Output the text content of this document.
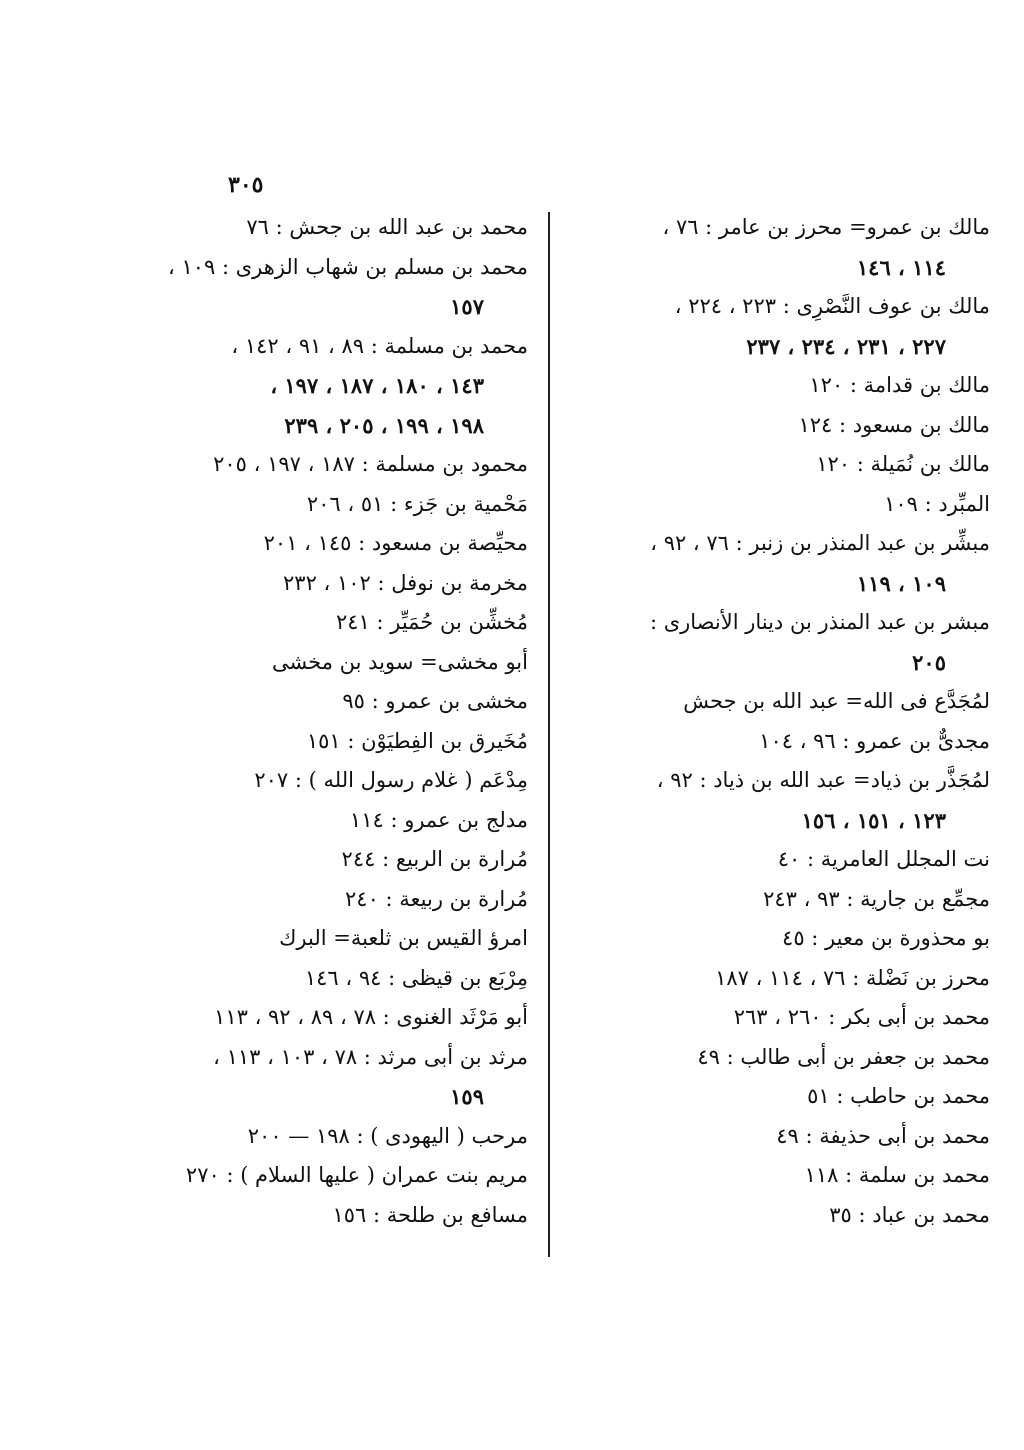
٣٠٥
مالك بن عمرو= محرز بن عامر : ٧٦ ،
١١٤ ، ١٤٦
مالك بن عوف النَّصْرِى : ٢٢٣ ، ٢٢٤ ،
٢٢٧ ، ٢٣١ ، ٢٣٤ ، ٢٣٧
مالك بن قدامة : ١٢٠
مالك بن مسعود : ١٢٤
مالك بن نُمَيلة : ١٢٠
المبِّرد : ١٠٩
مبشِّر بن عبد المنذر بن زنبر : ٧٦ ، ٩٢ ،
١٠٩ ، ١١٩
مبشر بن عبد المنذر بن دينار الأنصارى :
٢٠٥
لمُجَدَّع فى الله= عبد الله بن جحش
مجدىٌّ بن عمرو : ٩٦ ، ١٠٤
لمُجَذَّر بن ذياد= عبد الله بن ذياد : ٩٢ ،
١٢٣ ، ١٥١ ، ١٥٦
نت المجلل العامرية : ٤٠
مجمِّع بن جارية : ٩٣ ، ٢٤٣
بو محذورة بن معير : ٤٥
محرز بن نَضْلة : ٧٦ ، ١١٤ ، ١٨٧
محمد بن أبى بكر : ٢٦٠ ، ٢٦٣
محمد بن جعفر بن أبى طالب : ٤٩
محمد بن حاطب : ٥١
محمد بن أبى حذيفة : ٤٩
محمد بن سلمة : ١١٨
محمد بن عباد : ٣٥
محمد بن عبد الله بن جحش : ٧٦
محمد بن مسلم بن شهاب الزهرى : ١٠٩ ،
١٥٧
محمد بن مسلمة : ٨٩ ، ٩١ ، ١٤٢ ،
١٤٣ ، ١٨٠ ، ١٨٧ ، ١٩٧ ،
١٩٨ ، ١٩٩ ، ٢٠٥ ، ٢٣٩
محمود بن مسلمة : ١٨٧ ، ١٩٧ ، ٢٠٥
مَحْمية بن جَزء : ٥١ ، ٢٠٦
محيِّصة بن مسعود : ١٤٥ ، ٢٠١
مخرمة بن نوفل : ١٠٢ ، ٢٣٢
مُخشِّن بن حُمَيِّر : ٢٤١
أبو مخشى= سويد بن مخشى
مخشى بن عمرو : ٩٥
مُخَيرق بن الفِطيَوْن : ١٥١
مِدْعَم ( غلام رسول الله ) : ٢٠٧
مدلج بن عمرو : ١١٤
مُرارة بن الربيع : ٢٤٤
مُرارة بن ربيعة : ٢٤٠
امرؤ القيس بن ثلعبة= البرك
مِرْبَع بن قيظى : ٩٤ ، ١٤٦
أبو مَرْثَد الغنوى : ٧٨ ، ٨٩ ، ٩٢ ، ١١٣
مرثد بن أبى مرثد : ٧٨ ، ١٠٣ ، ١١٣ ،
١٥٩
مرحب ( اليهودى ) : ١٩٨ — ٢٠٠
مريم بنت عمران ( عليها السلام ) : ٢٧٠
مسافع بن طلحة : ١٥٦
